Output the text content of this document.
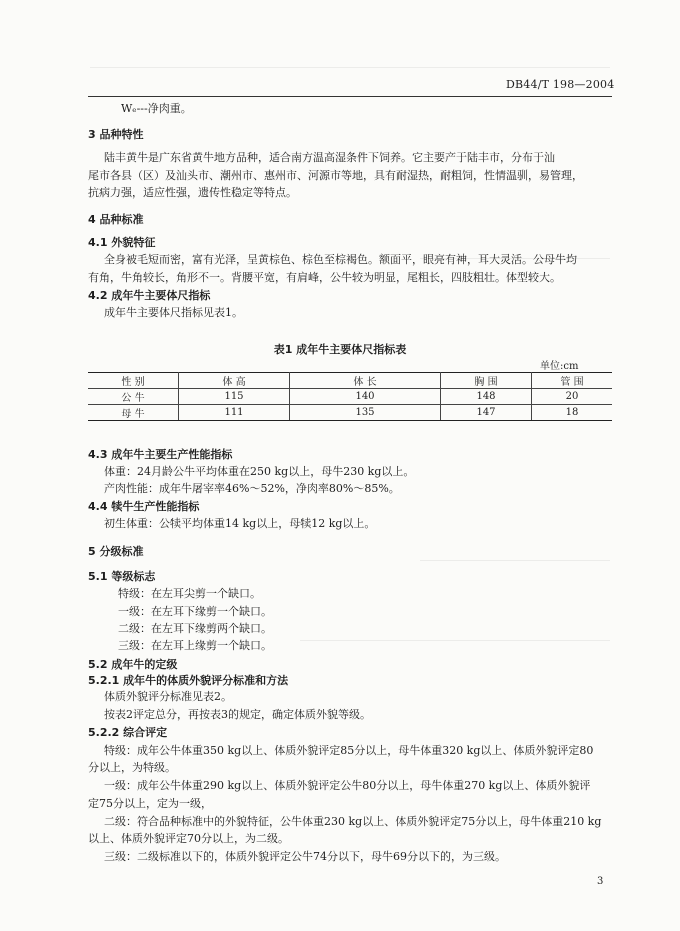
DB44/T 198—2004
Wₑ---净肉重。
3 品种特性
陆丰黄牛是广东省黄牛地方品种，适合南方温高湿条件下饲养。它主要产于陆丰市，分布于汕
尾市各县（区）及汕头市、潮州市、惠州市、河源市等地，具有耐湿热，耐粗饲，性情温驯，易管理，
抗病力强，适应性强，遗传性稳定等特点。
4 品种标准
4.1 外貌特征
全身被毛短而密，富有光泽，呈黄棕色、棕色至棕褐色。额面平，眼亮有神，耳大灵活。公母牛均
有角，牛角较长，角形不一。背腰平宽，有肩峰，公牛较为明显，尾粗长，四肢粗壮。体型较大。
4.2 成年牛主要体尺指标
成年牛主要体尺指标见表1。
表1 成年牛主要体尺指标表
单位:cm
性 别	体 高	体 长	胸 围	管 围
公 牛	115	140	148	20
母 牛	111	135	147	18
4.3 成年牛主要生产性能指标
体重：24月龄公牛平均体重在250 kg以上，母牛230 kg以上。
产肉性能：成年牛屠宰率46%～52%，净肉率80%～85%。
4.4 犊牛生产性能指标
初生体重：公犊平均体重14 kg以上，母犊12 kg以上。
5 分级标准
5.1 等级标志
特级：在左耳尖剪一个缺口。
一级：在左耳下缘剪一个缺口。
二级：在左耳下缘剪两个缺口。
三级：在左耳上缘剪一个缺口。
5.2 成年牛的定级
5.2.1 成年牛的体质外貌评分标准和方法
体质外貌评分标准见表2。
按表2评定总分，再按表3的规定，确定体质外貌等级。
5.2.2 综合评定
特级：成年公牛体重350 kg以上、体质外貌评定85分以上，母牛体重320 kg以上、体质外貌评定80
分以上，为特级。
一级：成年公牛体重290 kg以上、体质外貌评定公牛80分以上，母牛体重270 kg以上、体质外貌评
定75分以上，定为一级，
二级：符合品种标准中的外貌特征，公牛体重230 kg以上、体质外貌评定75分以上，母牛体重210 kg
以上、体质外貌评定70分以上，为二级。
三级：二级标准以下的，体质外貌评定公牛74分以下，母牛69分以下的，为三级。
3
